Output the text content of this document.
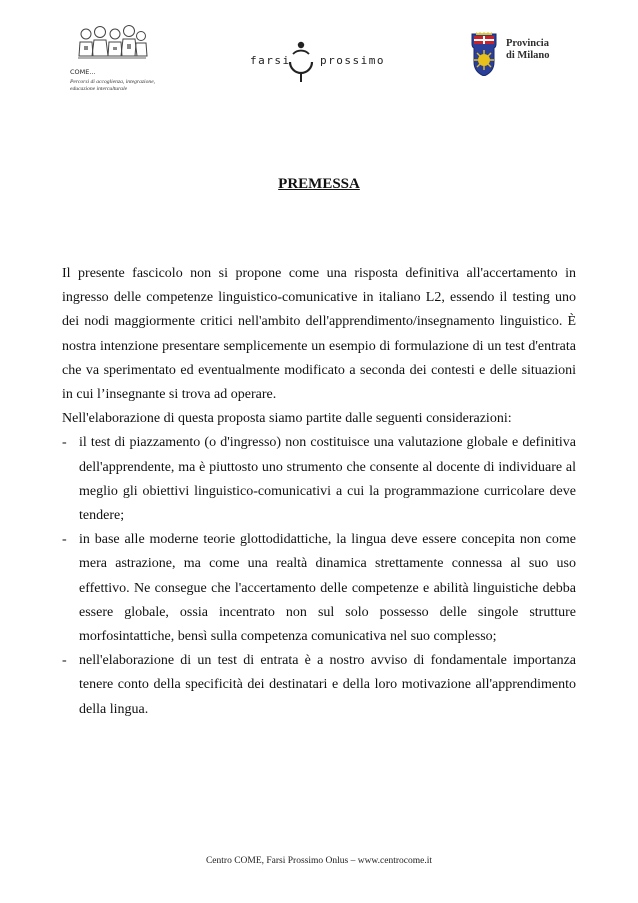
COME...
Percorsi di accoglienza, integrazione,
educazione interculturale
farsi	prossimo
Provincia
di Milano
PREMESSA

Il presente fascicolo non si propone come una risposta definitiva all'accertamento in ingresso delle competenze linguistico-comunicative in italiano L2, essendo il testing uno dei nodi maggiormente critici nell'ambito dell'apprendimento/insegnamento linguistico. È nostra intenzione presentare semplicemente un esempio di formulazione di un test d'entrata che va sperimentato ed eventualmente modificato a seconda dei contesti e delle situazioni in cui l’insegnante si trova ad operare.

Nell'elaborazione di questa proposta siamo partite dalle seguenti considerazioni:

- il test di piazzamento (o d'ingresso) non costituisce una valutazione globale e definitiva dell'apprendente, ma è piuttosto uno strumento che consente al docente di individuare al meglio gli obiettivi linguistico-comunicativi a cui la programmazione curricolare deve tendere;
- in base alle moderne teorie glottodidattiche, la lingua deve essere concepita non come mera astrazione, ma come una realtà dinamica strettamente connessa al suo uso effettivo. Ne consegue che l'accertamento delle competenze e abilità linguistiche debba essere globale, ossia incentrato non sul solo possesso delle singole strutture morfosintattiche, bensì sulla competenza comunicativa nel suo complesso;
- nell'elaborazione di un test di entrata è a nostro avviso di fondamentale importanza tenere conto della specificità dei destinatari e della loro motivazione all'apprendimento della lingua.
Centro COME, Farsi Prossimo Onlus – www.centrocome.it
